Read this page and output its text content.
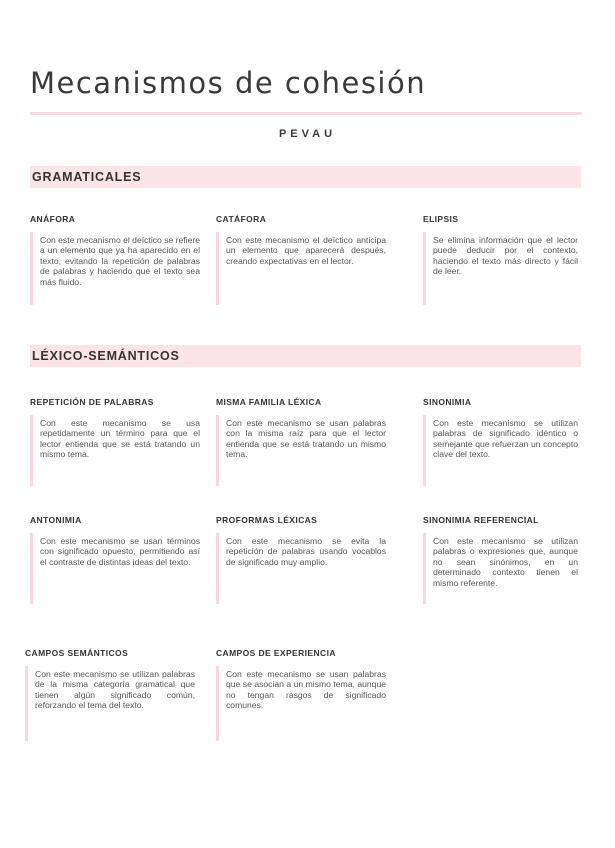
Mecanismos de cohesión
PEVAU
GRAMATICALES
ANÁFORA
Con este mecanismo el deíctico se refiere a un elemento que ya ha aparecido en el texto, evitando la repetición de palabras de palabras y haciendo que el texto sea más fluido.
CATÁFORA
Con este mecanismo el deíctico anticipa un elemento que aparecerá después, creando expectativas en el lector.
ELIPSIS
Se elimina información que el lector puede deducir por el contexto, haciendo el texto más directo y fácil de leer.
LÉXICO-SEMÁNTICOS
REPETICIÓN DE PALABRAS
Con este mecanismo se usa repetidamente un término para que el lector entienda que se está tratando un mismo tema.
MISMA FAMILIA LÉXICA
Con este mecanismo se usan palabras con la misma raíz para que el lector entienda que se está tratando un mismo tema.
SINONIMIA
Con este mecanismo se utilizan palabras de significado idéntico o semejante que refuerzan un concepto clave del texto.
ANTONIMIA
Con este mecanismo se usan términos con significado opuesto, permitiendo así el contraste de distintas ideas del texto.
PROFORMAS LÉXICAS
Con este mecanismo se evita la repetición de palabras usando vocablos de significado muy amplio.
SINONIMIA REFERENCIAL
Con este mecanismo se utilizan palabras o expresiones que, aunque no sean sinónimos, en un determinado contexto tienen el mismo referente.
CAMPOS SEMÁNTICOS
Con este mecanismo se utilizan palabras de la misma categoría gramatical que tienen algún significado común, reforzando el tema del texto.
CAMPOS DE EXPERIENCIA
Con este mecanismo se usan palabras que se asocian a un mismo tema, aunque no tengan rasgos de significado comunes.
